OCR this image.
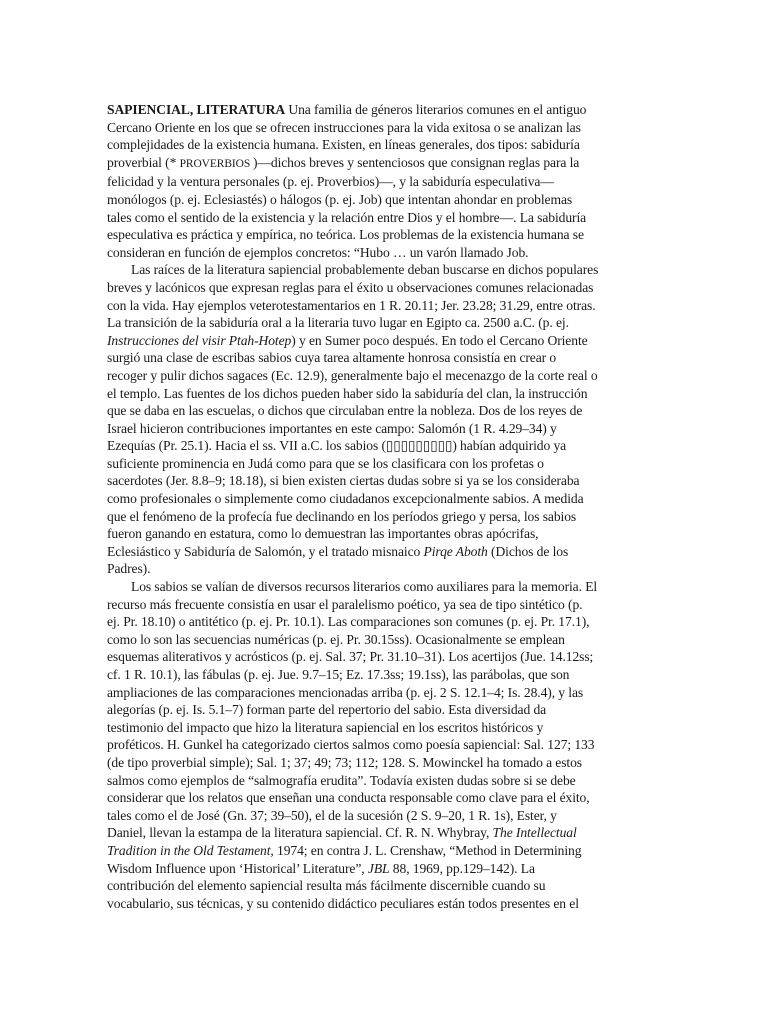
SAPIENCIAL, LITERATURA Una familia de géneros literarios comunes en el antiguo
Cercano Oriente en los que se ofrecen instrucciones para la vida exitosa o se analizan las
complejidades de la existencia humana. Existen, en líneas generales, dos tipos: sabiduría
proverbial (* PROVERBIOS )—dichos breves y sentenciosos que consignan reglas para la
felicidad y la ventura personales (p. ej. Proverbios)—, y la sabiduría especulativa—
monólogos (p. ej. Eclesiastés) o hálogos (p. ej. Job) que intentan ahondar en problemas
tales como el sentido de la existencia y la relación entre Dios y el hombre—. La sabiduría
especulativa es práctica y empírica, no teórica. Los problemas de la existencia humana se
consideran en función de ejemplos concretos: “Hubo … un varón llamado Job.
Las raíces de la literatura sapiencial probablemente deban buscarse en dichos populares
breves y lacónicos que expresan reglas para el éxito u observaciones comunes relacionadas
con la vida. Hay ejemplos veterotestamentarios en 1 R. 20.11; Jer. 23.28; 31.29, entre otras.
La transición de la sabiduría oral a la literaria tuvo lugar en Egipto ca. 2500 a.C. (p. ej.
Instrucciones del visir Ptah-Hotep) y en Sumer poco después. En todo el Cercano Oriente
surgió una clase de escribas sabios cuya tarea altamente honrosa consistía en crear o
recoger y pulir dichos sagaces (Ec. 12.9), generalmente bajo el mecenazgo de la corte real o
el templo. Las fuentes de los dichos pueden haber sido la sabiduría del clan, la instrucción
que se daba en las escuelas, o dichos que circulaban entre la nobleza. Dos de los reyes de
Israel hicieron contribuciones importantes en este campo: Salomón (1 R. 4.29–34) y
Ezequías (Pr. 25.1). Hacia el ss. VII a.C. los sabios (▯▯▯▯▯▯▯▯▯) habían adquirido ya
suficiente prominencia en Judá como para que se los clasificara con los profetas o
sacerdotes (Jer. 8.8–9; 18.18), si bien existen ciertas dudas sobre si ya se los consideraba
como profesionales o simplemente como ciudadanos excepcionalmente sabios. A medida
que el fenómeno de la profecía fue declinando en los períodos griego y persa, los sabios
fueron ganando en estatura, como lo demuestran las importantes obras apócrifas,
Eclesiástico y Sabiduría de Salomón, y el tratado misnaico Pirqe Aboth (Dichos de los
Padres).
Los sabios se valían de diversos recursos literarios como auxiliares para la memoria. El
recurso más frecuente consistía en usar el paralelismo poético, ya sea de tipo sintético (p.
ej. Pr. 18.10) o antitético (p. ej. Pr. 10.1). Las comparaciones son comunes (p. ej. Pr. 17.1),
como lo son las secuencias numéricas (p. ej. Pr. 30.15ss). Ocasionalmente se emplean
esquemas aliterativos y acrósticos (p. ej. Sal. 37; Pr. 31.10–31). Los acertijos (Jue. 14.12ss;
cf. 1 R. 10.1), las fábulas (p. ej. Jue. 9.7–15; Ez. 17.3ss; 19.1ss), las parábolas, que son
ampliaciones de las comparaciones mencionadas arriba (p. ej. 2 S. 12.1–4; Is. 28.4), y las
alegorías (p. ej. Is. 5.1–7) forman parte del repertorio del sabio. Esta diversidad da
testimonio del impacto que hizo la literatura sapiencial en los escritos históricos y
proféticos. H. Gunkel ha categorizado ciertos salmos como poesía sapiencial: Sal. 127; 133
(de tipo proverbial simple); Sal. 1; 37; 49; 73; 112; 128. S. Mowinckel ha tomado a estos
salmos como ejemplos de “salmografía erudita”. Todavía existen dudas sobre si se debe
considerar que los relatos que enseñan una conducta responsable como clave para el éxito,
tales como el de José (Gn. 37; 39–50), el de la sucesión (2 S. 9–20, 1 R. 1s), Ester, y
Daniel, llevan la estampa de la literatura sapiencial. Cf. R. N. Whybray, The Intellectual
Tradition in the Old Testament, 1974; en contra J. L. Crenshaw, “Method in Determining
Wisdom Influence upon ‘Historical’ Literature”, JBL 88, 1969, pp.129–142). La
contribución del elemento sapiencial resulta más fácilmente discernible cuando su
vocabulario, sus técnicas, y su contenido didáctico peculiares están todos presentes en el
